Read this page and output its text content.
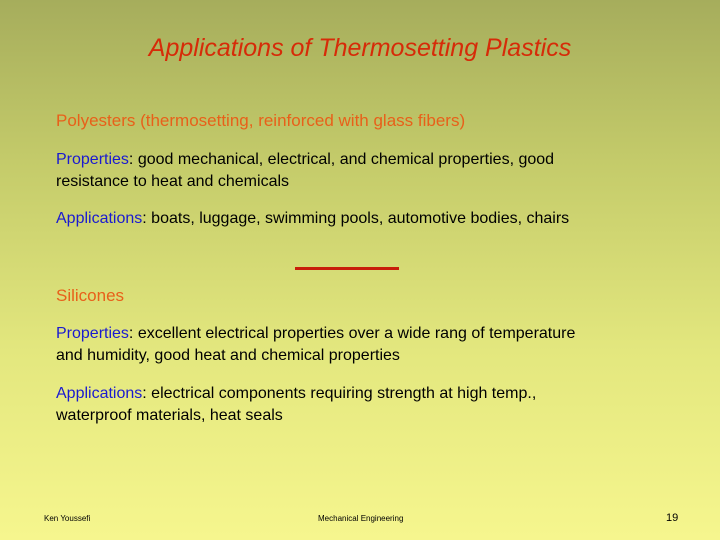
Applications of Thermosetting Plastics
Polyesters (thermosetting, reinforced with glass fibers)
Properties: good mechanical, electrical, and chemical properties, good resistance to heat and chemicals
Applications: boats, luggage, swimming pools, automotive bodies, chairs
Silicones
Properties: excellent electrical properties over a wide rang of temperature and humidity, good heat and chemical properties
Applications: electrical components requiring strength at high temp., waterproof materials, heat seals
Ken Youssefi	Mechanical Engineering	19
